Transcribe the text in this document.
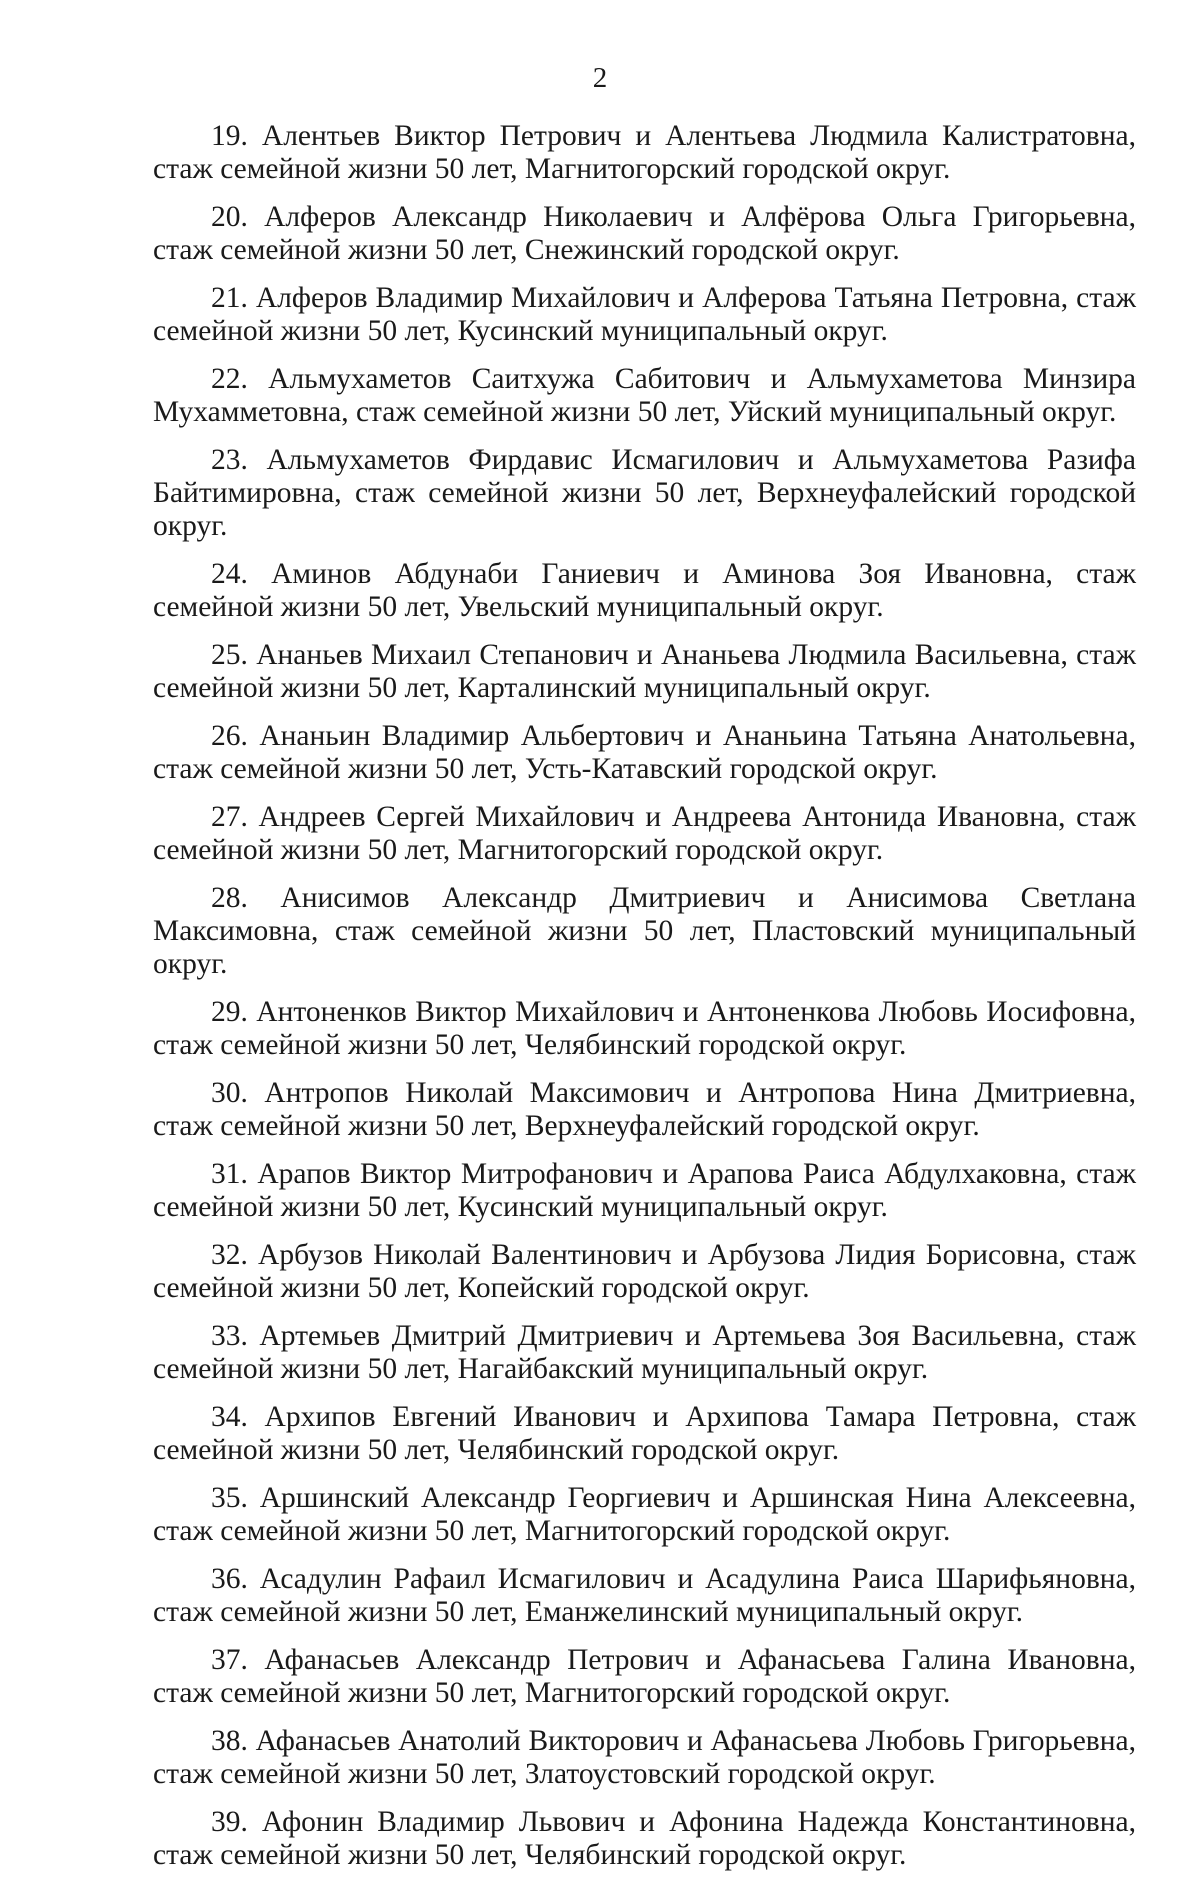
2

19. Алентьев Виктор Петрович и Алентьева Людмила Калистратовна, стаж семейной жизни 50 лет, Магнитогорский городской округ.

20. Алферов Александр Николаевич и Алфёрова Ольга Григорьевна, стаж семейной жизни 50 лет, Снежинский городской округ.

21. Алферов Владимир Михайлович и Алферова Татьяна Петровна, стаж семейной жизни 50 лет, Кусинский муниципальный округ.

22. Альмухаметов Саитхужа Сабитович и Альмухаметова Минзира Мухамметовна, стаж семейной жизни 50 лет, Уйский муниципальный округ.

23. Альмухаметов Фирдавис Исмагилович и Альмухаметова Разифа Байтимировна, стаж семейной жизни 50 лет, Верхнеуфалейский городской округ.

24. Аминов Абдунаби Ганиевич и Аминова Зоя Ивановна, стаж семейной жизни 50 лет, Увельский муниципальный округ.

25. Ананьев Михаил Степанович и Ананьева Людмила Васильевна, стаж семейной жизни 50 лет, Карталинский муниципальный округ.

26. Ананьин Владимир Альбертович и Ананьина Татьяна Анатольевна, стаж семейной жизни 50 лет, Усть-Катавский городской округ.

27. Андреев Сергей Михайлович и Андреева Антонида Ивановна, стаж семейной жизни 50 лет, Магнитогорский городской округ.

28. Анисимов Александр Дмитриевич и Анисимова Светлана Максимовна, стаж семейной жизни 50 лет, Пластовский муниципальный округ.

29. Антоненков Виктор Михайлович и Антоненкова Любовь Иосифовна, стаж семейной жизни 50 лет, Челябинский городской округ.

30. Антропов Николай Максимович и Антропова Нина Дмитриевна, стаж семейной жизни 50 лет, Верхнеуфалейский городской округ.

31. Арапов Виктор Митрофанович и Арапова Раиса Абдулхаковна, стаж семейной жизни 50 лет, Кусинский муниципальный округ.

32. Арбузов Николай Валентинович и Арбузова Лидия Борисовна, стаж семейной жизни 50 лет, Копейский городской округ.

33. Артемьев Дмитрий Дмитриевич и Артемьева Зоя Васильевна, стаж семейной жизни 50 лет, Нагайбакский муниципальный округ.

34. Архипов Евгений Иванович и Архипова Тамара Петровна, стаж семейной жизни 50 лет, Челябинский городской округ.

35. Аршинский Александр Георгиевич и Аршинская Нина Алексеевна, стаж семейной жизни 50 лет, Магнитогорский городской округ.

36. Асадулин Рафаил Исмагилович и Асадулина Раиса Шарифьяновна, стаж семейной жизни 50 лет, Еманжелинский муниципальный округ.

37. Афанасьев Александр Петрович и Афанасьева Галина Ивановна, стаж семейной жизни 50 лет, Магнитогорский городской округ.

38. Афанасьев Анатолий Викторович и Афанасьева Любовь Григорьевна, стаж семейной жизни 50 лет, Златоустовский городской округ.

39. Афонин Владимир Львович и Афонина Надежда Константиновна, стаж семейной жизни 50 лет, Челябинский городской округ.
